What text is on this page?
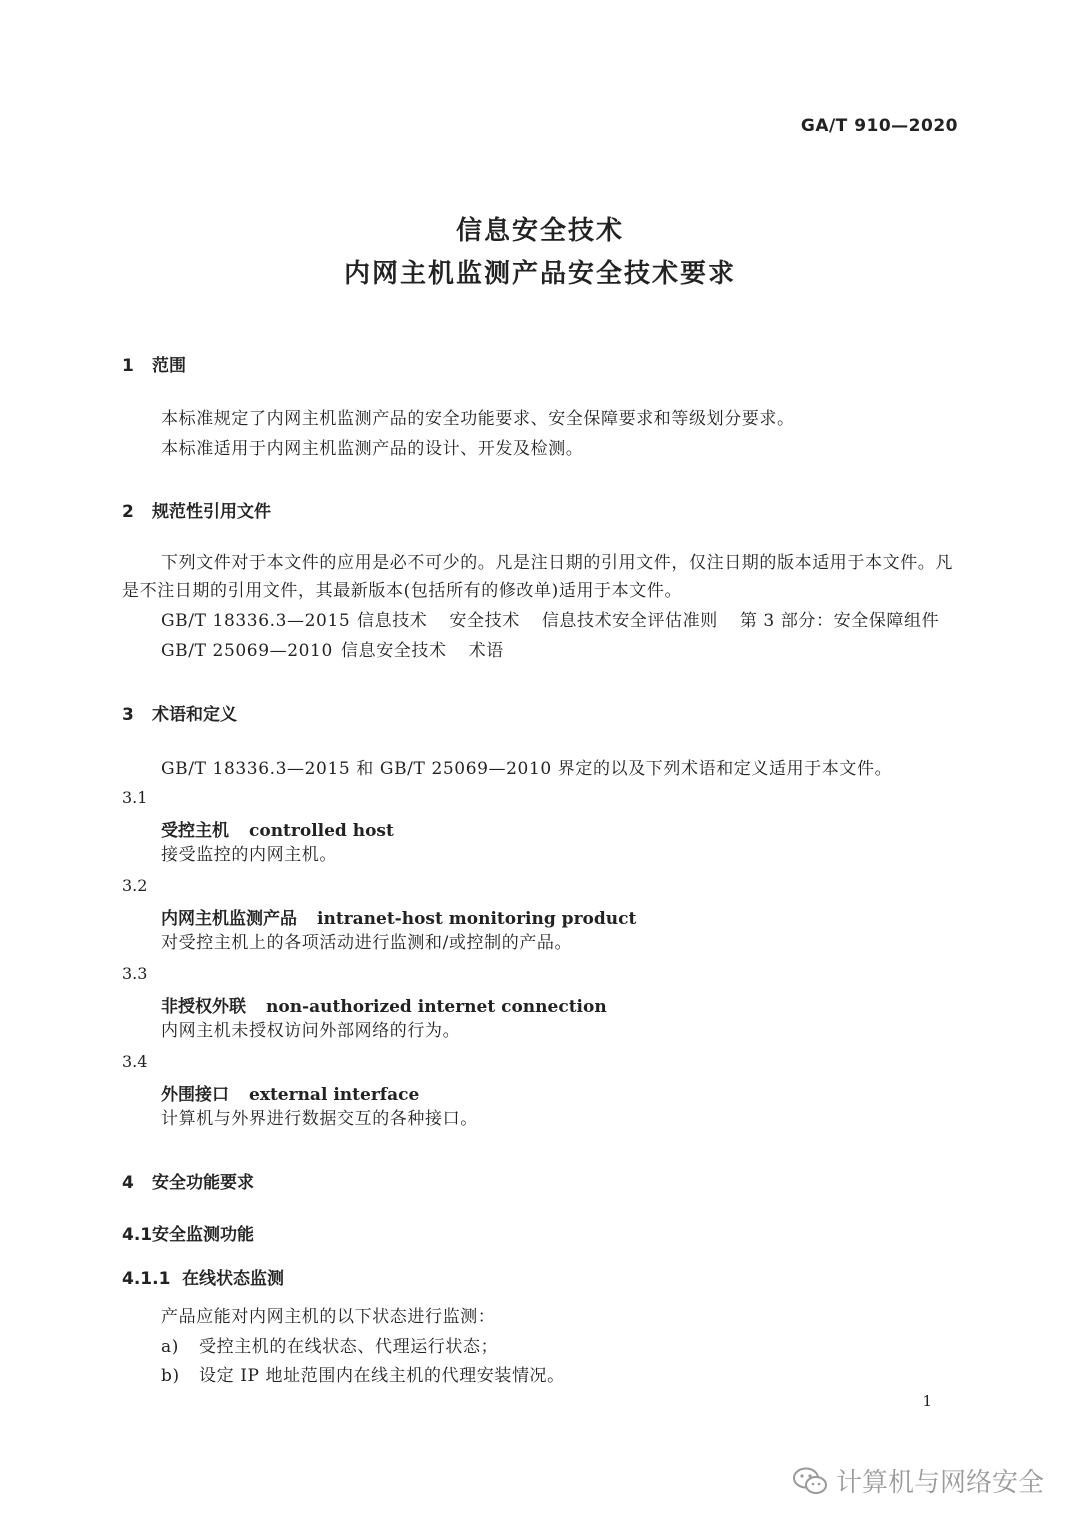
GA/T 910—2020
信息安全技术
内网主机监测产品安全技术要求
1 范围
本标准规定了内网主机监测产品的安全功能要求、安全保障要求和等级划分要求。
本标准适用于内网主机监测产品的设计、开发及检测。
2 规范性引用文件
下列文件对于本文件的应用是必不可少的。凡是注日期的引用文件，仅注日期的版本适用于本文件。凡是不注日期的引用文件，其最新版本(包括所有的修改单)适用于本文件。
GB/T 18336.3—2015 信息技术 安全技术 信息技术安全评估准则 第 3 部分：安全保障组件
GB/T 25069—2010 信息安全技术 术语
3 术语和定义
GB/T 18336.3—2015 和 GB/T 25069—2010 界定的以及下列术语和定义适用于本文件。
3.1
受控主机 controlled host
接受监控的内网主机。
3.2
内网主机监测产品 intranet-host monitoring product
对受控主机上的各项活动进行监测和/或控制的产品。
3.3
非授权外联 non-authorized internet connection
内网主机未授权访问外部网络的行为。
3.4
外围接口 external interface
计算机与外界进行数据交互的各种接口。
4 安全功能要求
4.1安全监测功能
4.1.1 在线状态监测
产品应能对内网主机的以下状态进行监测：
a) 受控主机的在线状态、代理运行状态；
b) 设定 IP 地址范围内在线主机的代理安装情况。
1
计算机与网络安全
